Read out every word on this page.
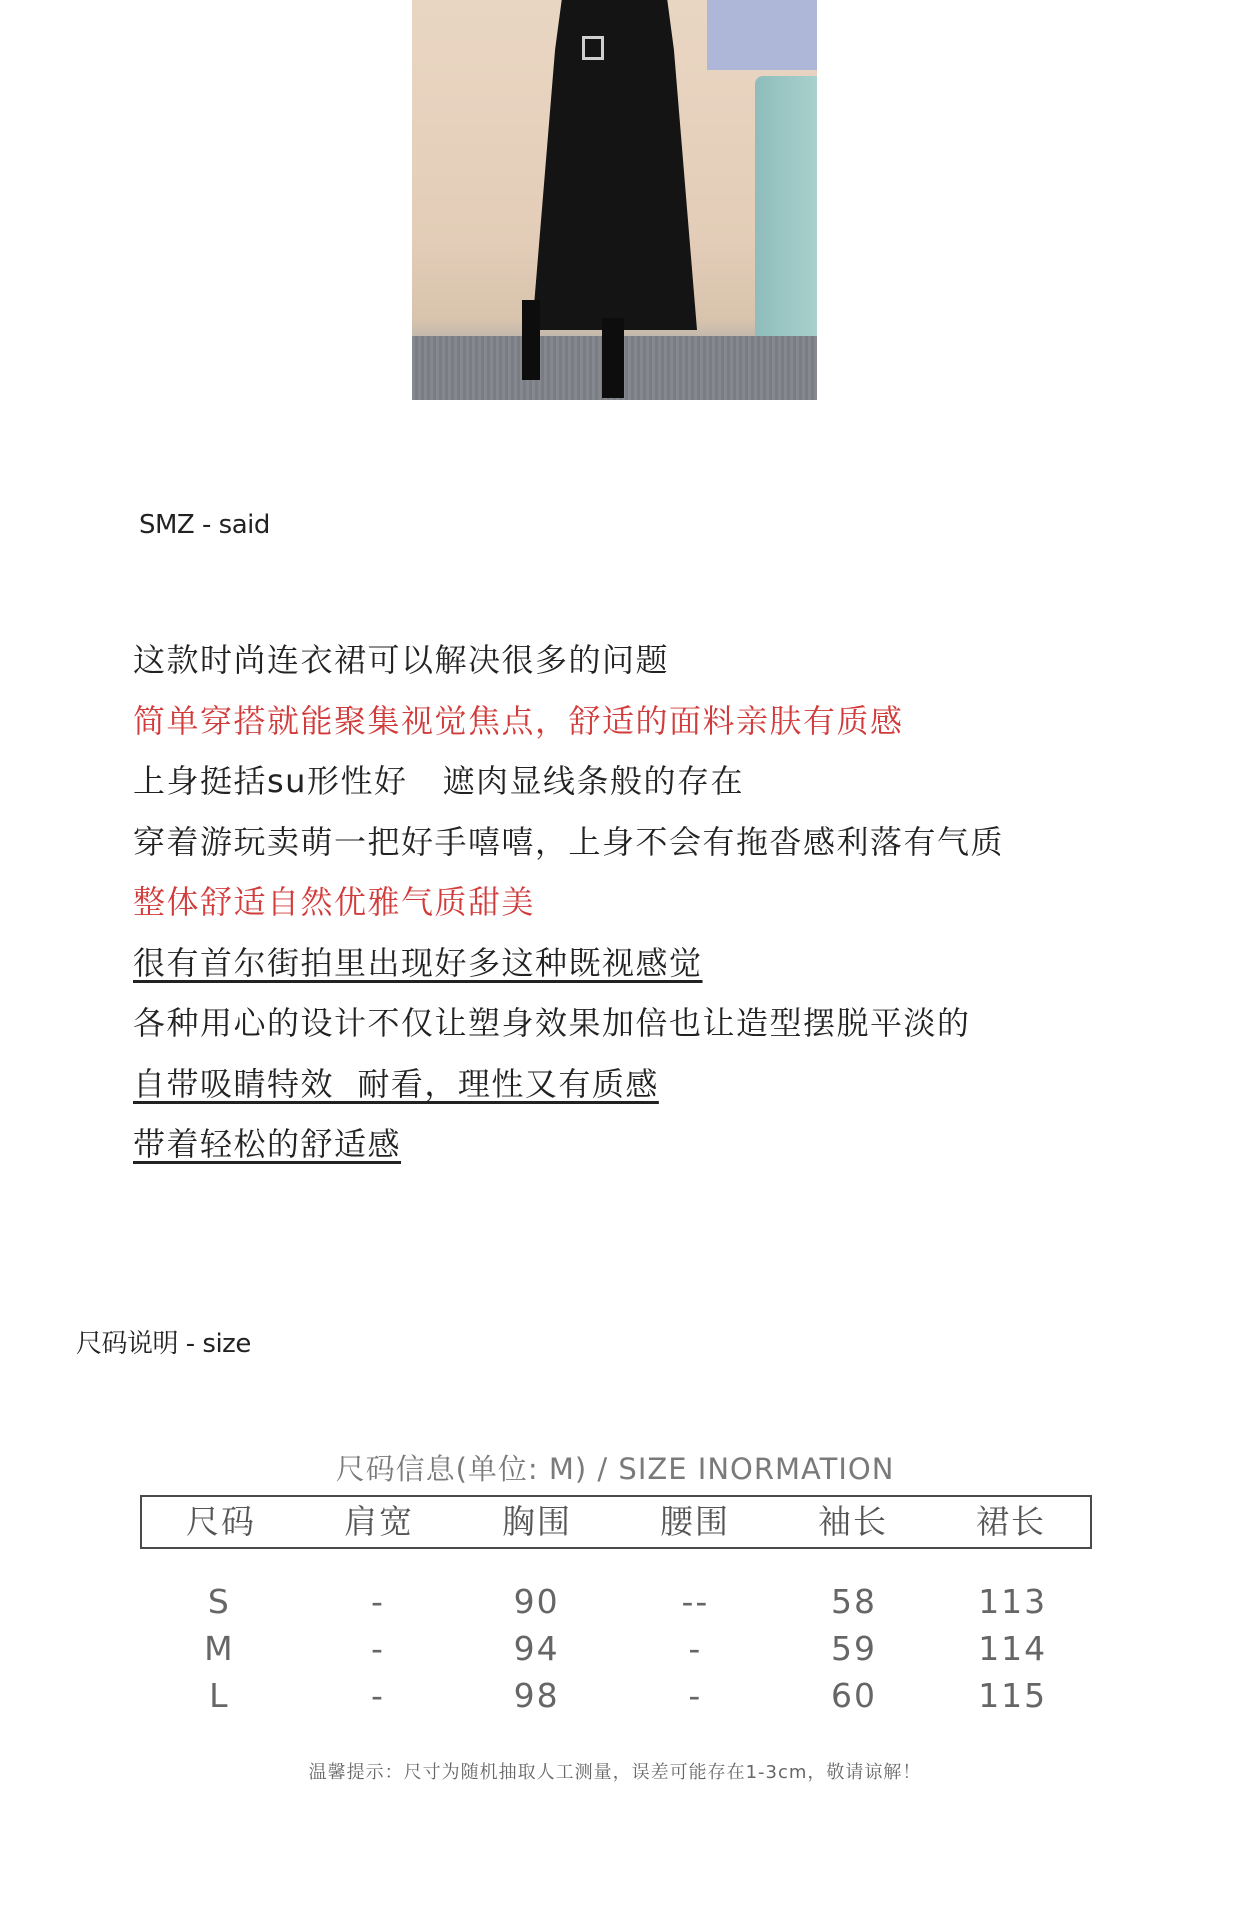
SMZ - said
这款时尚连衣裙可以解决很多的问题
简单穿搭就能聚集视觉焦点，舒适的面料亲肤有质感
上身挺括su形性好   遮肉显线条般的存在
穿着游玩卖萌一把好手嘻嘻，上身不会有拖沓感利落有气质
整体舒适自然优雅气质甜美
很有首尔街拍里出现好多这种既视感觉
各种用心的设计不仅让塑身效果加倍也让造型摆脱平淡的
自带吸睛特效  耐看，理性又有质感
带着轻松的舒适感
尺码说明 - size
尺码信息(单位: M) / SIZE INORMATION
尺码	肩宽	胸围	腰围	袖长	裙长
S	-	90	--	58	113
M	-	94	-	59	114
L	-	98	-	60	115
温馨提示：尺寸为随机抽取人工测量，误差可能存在1-3cm，敬请谅解！
